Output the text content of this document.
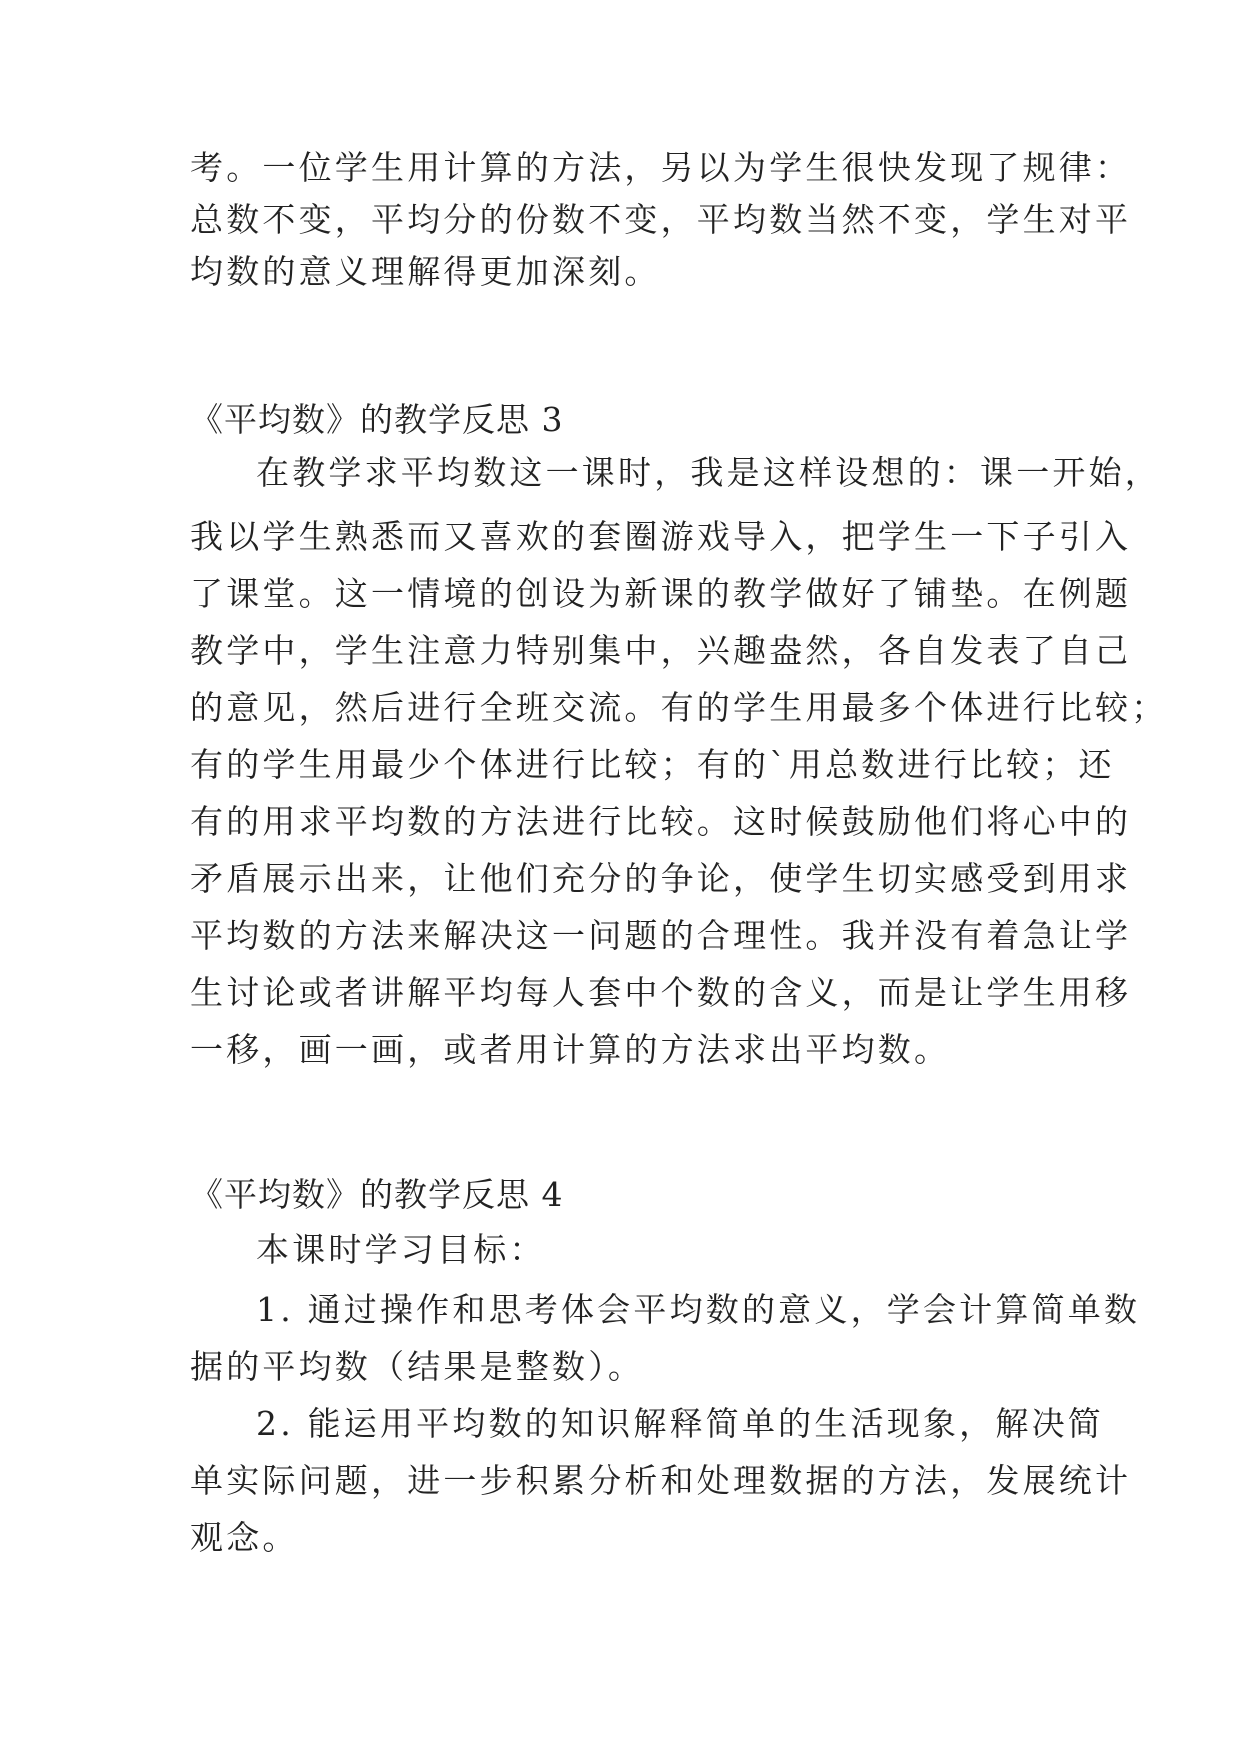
考。一位学生用计算的方法，另以为学生很快发现了规律：
总数不变，平均分的份数不变，平均数当然不变，学生对平
均数的意义理解得更加深刻。
《平均数》的教学反思 3
在教学求平均数这一课时，我是这样设想的：课一开始，
我以学生熟悉而又喜欢的套圈游戏导入，把学生一下子引入
了课堂。这一情境的创设为新课的教学做好了铺垫。在例题
教学中，学生注意力特别集中，兴趣盎然，各自发表了自己
的意见，然后进行全班交流。有的学生用最多个体进行比较；
有的学生用最少个体进行比较；有的`用总数进行比较；还
有的用求平均数的方法进行比较。这时候鼓励他们将心中的
矛盾展示出来，让他们充分的争论，使学生切实感受到用求
平均数的方法来解决这一问题的合理性。我并没有着急让学
生讨论或者讲解平均每人套中个数的含义，而是让学生用移
一移，画一画，或者用计算的方法求出平均数。
《平均数》的教学反思 4
本课时学习目标：
1. 通过操作和思考体会平均数的意义，学会计算简单数
据的平均数（结果是整数）。
2. 能运用平均数的知识解释简单的生活现象，解决简
单实际问题，进一步积累分析和处理数据的方法，发展统计
观念。
